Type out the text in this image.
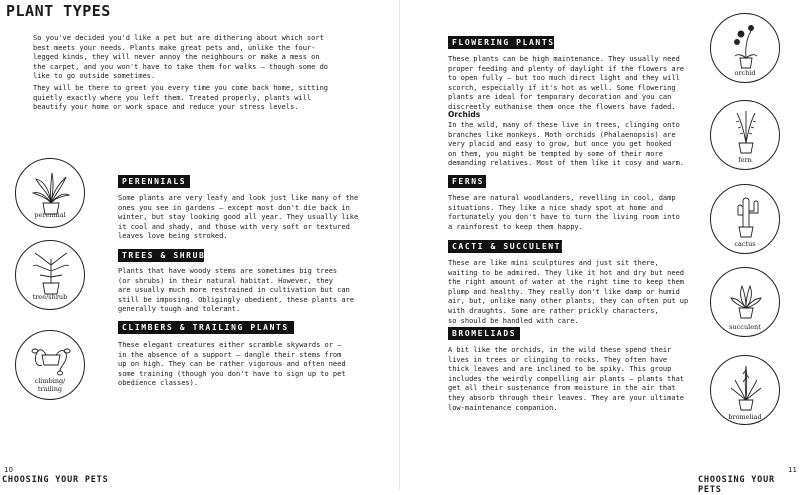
PLANT TYPES

So you've decided you'd like a pet but are dithering about which sort
best meets your needs. Plants make great pets and, unlike the four-
legged kinds, they will never annoy the neighbours or make a mess on
the carpet, and you won't have to take them for walks – though some do
like to go outside sometimes.

They will be there to greet you every time you come back home, sitting
quietly exactly where you left them. Treated properly, plants will
beautify your home or work space and reduce your stress levels.

perennial
PERENNIALS

Some plants are very leafy and look just like many of the
ones you see in gardens – except most don't die back in
winter, but stay looking good all year. They usually like
it cool and shady, and those with very soft or textured
leaves love being stroked.

tree/shrub
TREES & SHRUBS

Plants that have woody stems are sometimes big trees
(or shrubs) in their natural habitat. However, they
are usually much more restrained in cultivation but can
still be imposing. Obligingly obedient, these plants are
generally tough and tolerant.

climbing/
trailing
CLIMBERS & TRAILING PLANTS

These elegant creatures either scramble skywards or –
in the absence of a support – dangle their stems from
up on high. They can be rather vigorous and often need
some training (though you don't have to sign up to pet
obedience classes).

10
CHOOSING YOUR PETS
FLOWERING PLANTS

These plants can be high maintenance. They usually need
proper feeding and plenty of daylight if the flowers are
to open fully – but too much direct light and they will
scorch, especially if it's hot as well. Some flowering
plants are ideal for temporary decoration and you can
discreetly euthanise them once the flowers have faded.

Orchids

In the wild, many of these live in trees, clinging onto
branches like monkeys. Moth orchids (Phalaenopsis) are
very placid and easy to grow, but once you get hooked
on them, you might be tempted by some of their more
demanding relatives. Most of them like it cosy and warm.

FERNS

These are natural woodlanders, revelling in cool, damp
situations. They like a nice shady spot at home and
fortunately you don't have to turn the living room into
a rainforest to keep them happy.

CACTI & SUCCULENTS

These are like mini sculptures and just sit there,
waiting to be admired. They like it hot and dry but need
the right amount of water at the right time to keep them
plump and healthy. They really don't like damp or humid
air, but, unlike many other plants, they can often put up
with draughts. Some are rather prickly characters,
so should be handled with care.

BROMELIADS

A bit like the orchids, in the wild these spend their
lives in trees or clinging to rocks. They often have
thick leaves and are inclined to be spiky. This group
includes the weirdly compelling air plants – plants that
get all their sustenance from moisture in the air that
they absorb through their leaves. They are your ultimate
low-maintenance companion.

orchid
fern
cactus
succulent
bromeliad
11
CHOOSING YOUR PETS
